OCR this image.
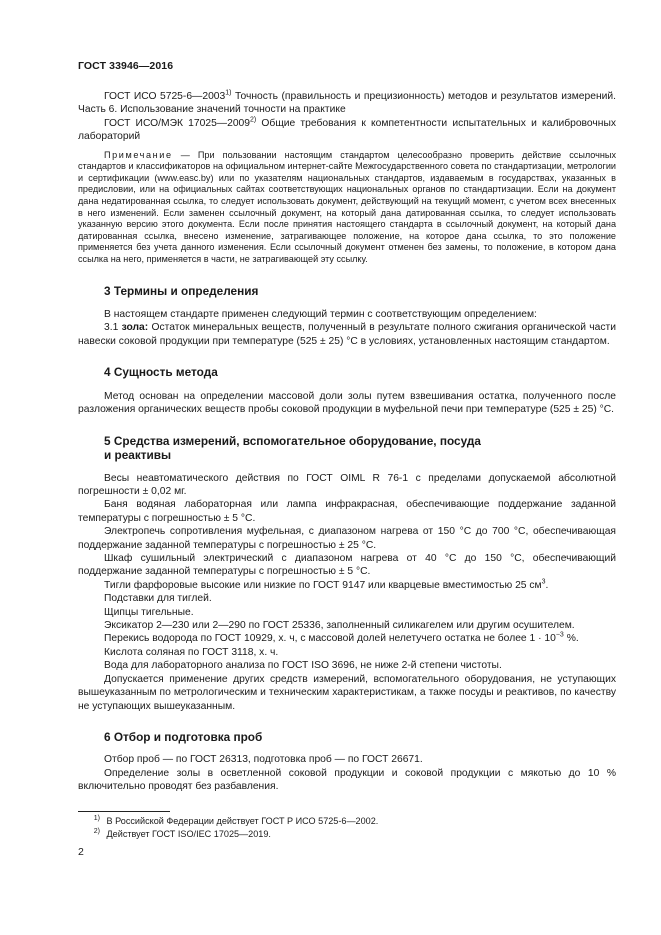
ГОСТ 33946—2016

ГОСТ ИСО 5725-6—2003$^{1)}$ Точность (правильность и прецизионность) методов и результатов измерений. Часть 6. Использование значений точности на практике

ГОСТ ИСО/МЭК 17025—2009$^{2)}$ Общие требования к компетентности испытательных и калибровочных лабораторий

Примечание — При пользовании настоящим стандартом целесообразно проверить действие ссылочных стандартов и классификаторов на официальном интернет-сайте Межгосударственного совета по стандартизации, метрологии и сертификации (www.easc.by) или по указателям национальных стандартов, издаваемым в государствах, указанных в предисловии, или на официальных сайтах соответствующих национальных органов по стандартизации. Если на документ дана недатированная ссылка, то следует использовать документ, действующий на текущий момент, с учетом всех внесенных в него изменений. Если заменен ссылочный документ, на который дана датированная ссылка, то следует использовать указанную версию этого документа. Если после принятия настоящего стандарта в ссылочный документ, на который дана датированная ссылка, внесено изменение, затрагивающее положение, на которое дана ссылка, то это положение применяется без учета данного изменения. Если ссылочный документ отменен без замены, то положение, в котором дана ссылка на него, применяется в части, не затрагивающей эту ссылку.

3 Термины и определения

В настоящем стандарте применен следующий термин с соответствующим определением:

3.1 зола: Остаток минеральных веществ, полученный в результате полного сжигания органической части навески соковой продукции при температуре (525 ± 25) °С в условиях, установленных настоящим стандартом.

4 Сущность метода

Метод основан на определении массовой доли золы путем взвешивания остатка, полученного после разложения органических веществ пробы соковой продукции в муфельной печи при температуре (525 ± 25) °С.

5 Средства измерений, вспомогательное оборудование, посуда
и реактивы

Весы неавтоматического действия по ГОСТ OIML R 76-1 с пределами допускаемой абсолютной погрешности ± 0,02 мг.

Баня водяная лабораторная или лампа инфракрасная, обеспечивающие поддержание заданной температуры с погрешностью ± 5 °С.

Электропечь сопротивления муфельная, с диапазоном нагрева от 150 °С до 700 °С, обеспечивающая поддержание заданной температуры с погрешностью ± 25 °С.

Шкаф сушильный электрический с диапазоном нагрева от 40 °С до 150 °С, обеспечивающий поддержание заданной температуры с погрешностью ± 5 °С.

Тигли фарфоровые высокие или низкие по ГОСТ 9147 или кварцевые вместимостью 25 $см^3$.

Подставки для тиглей.

Щипцы тигельные.

Эксикатор 2—230 или 2—290 по ГОСТ 25336, заполненный силикагелем или другим осушителем.

Перекись водорода по ГОСТ 10929, х. ч, с массовой долей нелетучего остатка не более $1 \cdot 10^{-3}$ %.

Кислота соляная по ГОСТ 3118, х. ч.

Вода для лабораторного анализа по ГОСТ ISO 3696, не ниже 2-й степени чистоты.

Допускается применение других средств измерений, вспомогательного оборудования, не уступающих вышеуказанным по метрологическим и техническим характеристикам, а также посуды и реактивов, по качеству не уступающих вышеуказанным.

6 Отбор и подготовка проб

Отбор проб — по ГОСТ 26313, подготовка проб — по ГОСТ 26671.

Определение золы в осветленной соковой продукции и соковой продукции с мякотью до 10 % включительно проводят без разбавления.

$^{1)}$ В Российской Федерации действует ГОСТ Р ИСО 5725-6—2002.
$^{2)}$ Действует ГОСТ ISO/IEC 17025—2019.
2
